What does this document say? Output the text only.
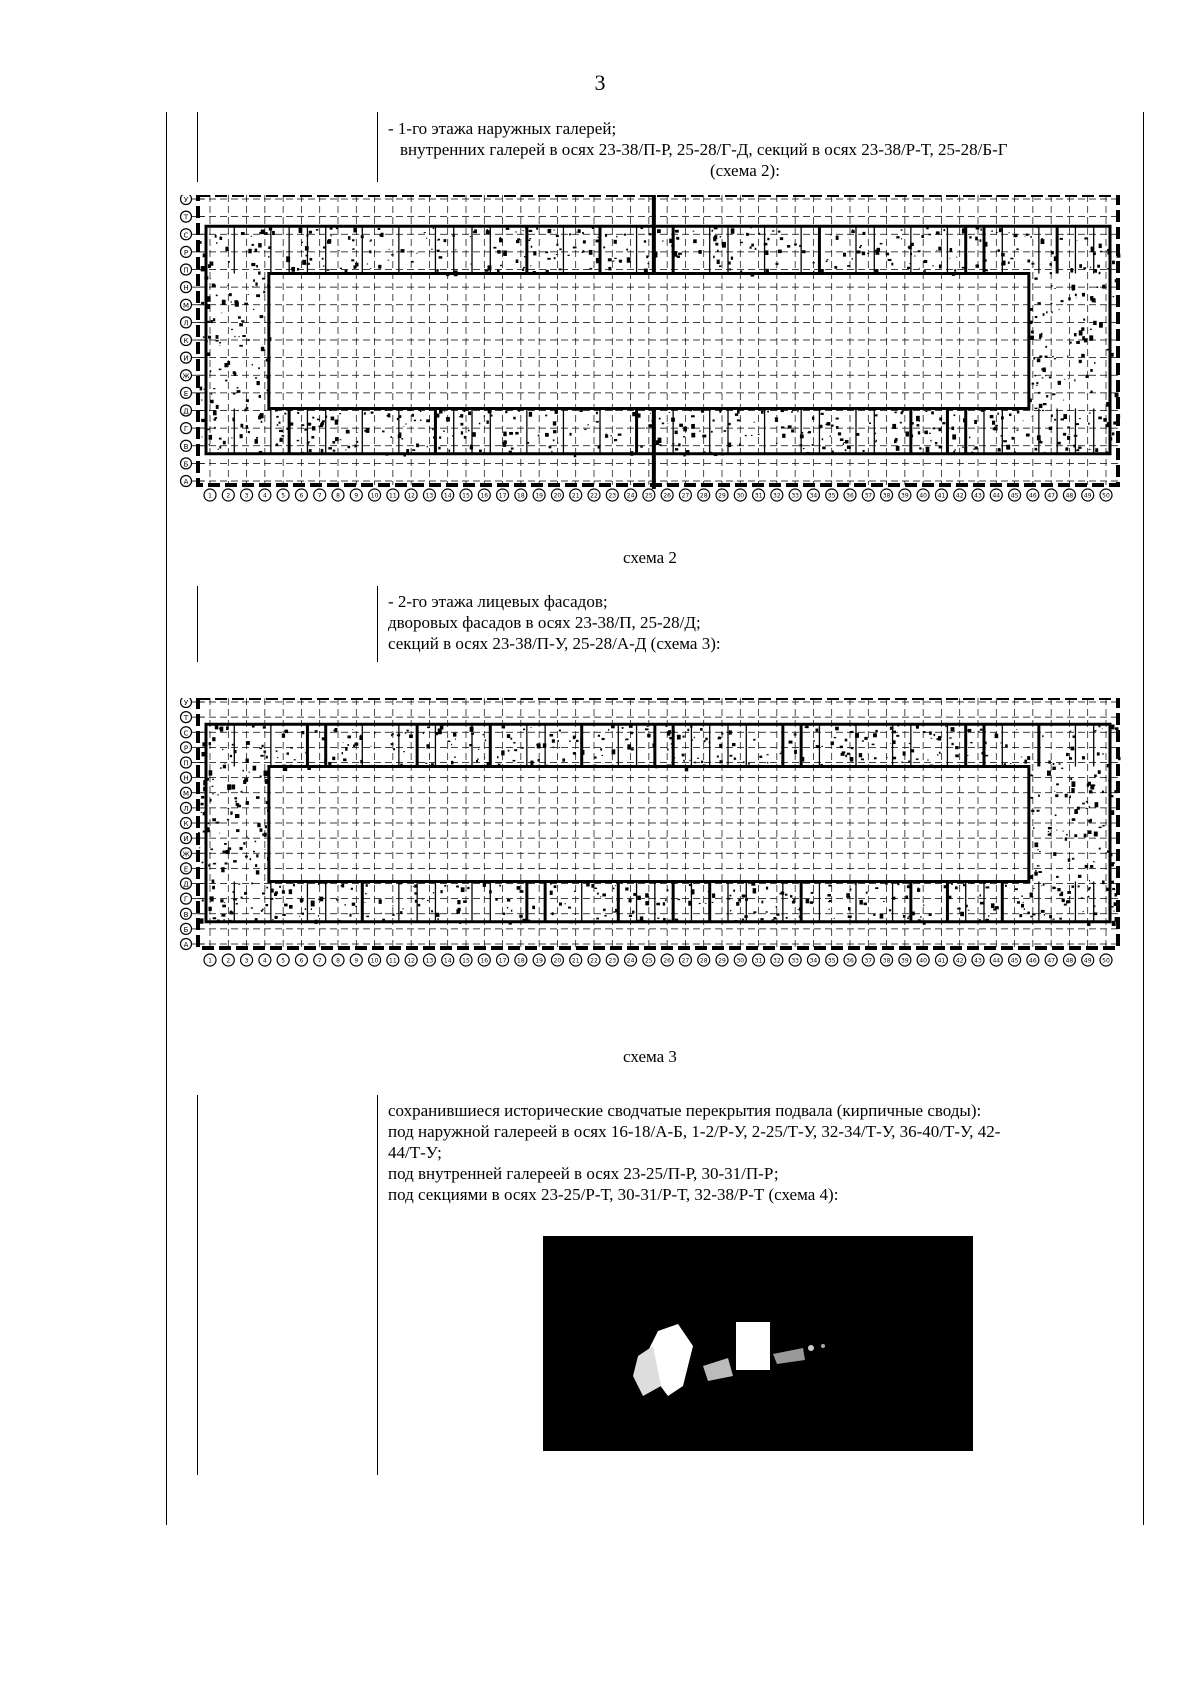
3
- 1-го этажа наружных галерей;
внутренних галерей в осях 23-38/П-Р, 25-28/Г-Д, секций в осях 23-38/Р-Т, 25-28/Б-Г
(схема 2):
У
Т
С
Р
П
Н
М
Л
К
И
Ж
Е
Д
Г
В
Б
А
1 2 3 4 5 6 7 8 9 10 11 12 13 14 15 16 17 18 19 20 21 22 23 24 25 26 27 28 29 30 31 32 33 34 35 36 37 38 39 40 41 42 43 44 45 46 47 48 49 50
схема 2
- 2-го этажа лицевых фасадов;
дворовых фасадов в осях 23-38/П, 25-28/Д;
секций в осях 23-38/П-У, 25-28/А-Д (схема 3):
У
Т
С
Р
П
Н
М
Л
К
И
Ж
Е
Д
Г
В
Б
А
1 2 3 4 5 6 7 8 9 10 11 12 13 14 15 16 17 18 19 20 21 22 23 24 25 26 27 28 29 30 31 32 33 34 35 36 37 38 39 40 41 42 43 44 45 46 47 48 49 50
схема 3
сохранившиеся исторические сводчатые перекрытия подвала (кирпичные своды):
под наружной галереей в осях 16-18/А-Б, 1-2/Р-У, 2-25/Т-У, 32-34/Т-У, 36-40/Т-У, 42-
44/Т-У;
под внутренней галереей в осях 23-25/П-Р, 30-31/П-Р;
под секциями в осях 23-25/Р-Т, 30-31/Р-Т, 32-38/Р-Т (схема 4):
